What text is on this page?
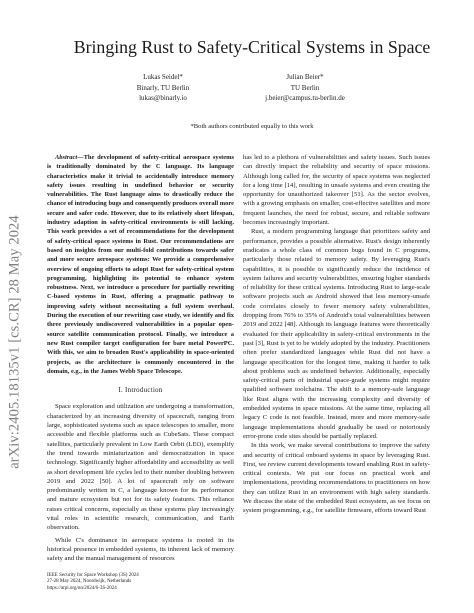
arXiv:2405.18135v1 [cs.CR] 28 May 2024
Bringing Rust to Safety-Critical Systems in Space
Lukas Seidel*
Binarly, TU Berlin
lukas@binarly.io
Julian Beier*
TU Berlin
j.beier@campus.tu-berlin.de
*Both authors contributed equally to this work

Abstract—The development of safety-critical aerospace systems is traditionally dominated by the C language. Its language characteristics make it trivial to accidentally introduce memory safety issues resulting in undefined behavior or security vulnerabilities. The Rust language aims to drastically reduce the chance of introducing bugs and consequently produces overall more secure and safer code. However, due to its relatively short lifespan, industry adaption in safety-critical environments is still lacking. This work provides a set of recommendations for the development of safety-critical space systems in Rust. Our recommendations are based on insights from our multi-fold contributions towards safer and more secure aerospace systems: We provide a comprehensive overview of ongoing efforts to adopt Rust for safety-critical system programming, highlighting its potential to enhance system robustness. Next, we introduce a procedure for partially rewriting C-based systems in Rust, offering a pragmatic pathway to improving safety without necessitating a full system overhaul. During the execution of our rewriting case study, we identify and fix three previously undiscovered vulnerabilities in a popular open-source satellite communication protocol. Finally, we introduce a new Rust compiler target configuration for bare metal PowerPC. With this, we aim to broaden Rust's applicability in space-oriented projects, as the architecture is commonly encountered in the domain, e.g., in the James Webb Space Telescope.

I. Introduction

Space exploration and utilization are undergoing a transformation, characterized by an increasing diversity of spacecraft, ranging from large, sophisticated systems such as space telescopes to smaller, more accessible and flexible platforms such as CubeSats. These compact satellites, particularly prevalent in Low Earth Orbit (LEO), exemplify the trend towards miniaturization and democratization in space technology. Significantly higher affordability and accessibility as well as short development life cycles led to their number doubling between 2019 and 2022 [50]. A lot of spacecraft rely on software predominantly written in C, a language known for its performance and mature ecosystem but not for its safety features. This reliance raises critical concerns, especially as these systems play increasingly vital roles in scientific research, communication, and Earth observation.

While C's dominance in aerospace systems is rooted in its historical presence in embedded systems, its inherent lack of memory safety and the manual management of resources

has led to a plethora of vulnerabilities and safety issues. Such issues can directly impact the reliability and security of space missions. Although long called for, the security of space systems was neglected for a long time [14], resulting in unsafe systems and even creating the opportunity for unauthorized takeover [51]. As the sector evolves, with a growing emphasis on smaller, cost-effective satellites and more frequent launches, the need for robust, secure, and reliable software becomes increasingly important.

Rust, a modern programming language that prioritizes safety and performance, provides a possible alternative. Rust's design inherently eradicates a whole class of common bugs found in C programs, particularly those related to memory safety. By leveraging Rust's capabilities, it is possible to significantly reduce the incidence of system failures and security vulnerabilities, ensuring higher standards of reliability for these critical systems. Introducing Rust to large-scale software projects such as Android showed that less memory-unsafe code correlates closely to fewer memory safety vulnerabilities, dropping from 76% to 35% of Android's total vulnerabilities between 2019 and 2022 [48]. Although its language features were theoretically evaluated for their applicability in safety-critical environments in the past [3], Rust is yet to be widely adopted by the industry. Practitioners often prefer standardized languages while Rust did not have a language specification for the longest time, making it harder to talk about problems such as undefined behavior. Additionally, especially safety-critical parts of industrial space-grade systems might require qualified software toolchains. The shift to a memory-safe language like Rust aligns with the increasing complexity and diversity of embedded systems in space missions. At the same time, replacing all legacy C code is not feasible. Instead, more and more memory-safe language implementations should gradually be used or notoriously error-prone code sites should be partially replaced.

In this work, we make several contributions to improve the safety and security of critical onboard systems in space by leveraging Rust. First, we review current developments toward enabling Rust in safety-critical contexts. We put our focus on practical work and implementations, providing recommendations to practitioners on how they can utilize Rust in an environment with high safety standards. We discuss the state of the embedded Rust ecosystem, as we focus on system programming, e.g., for satellite firmware, efforts toward Rust

IEEE Security for Space Workshop (3S) 2024
27-28 May 2024, Noordwijk, Netherlands
https://arpi.org/nn/2024/6-3S-2024
